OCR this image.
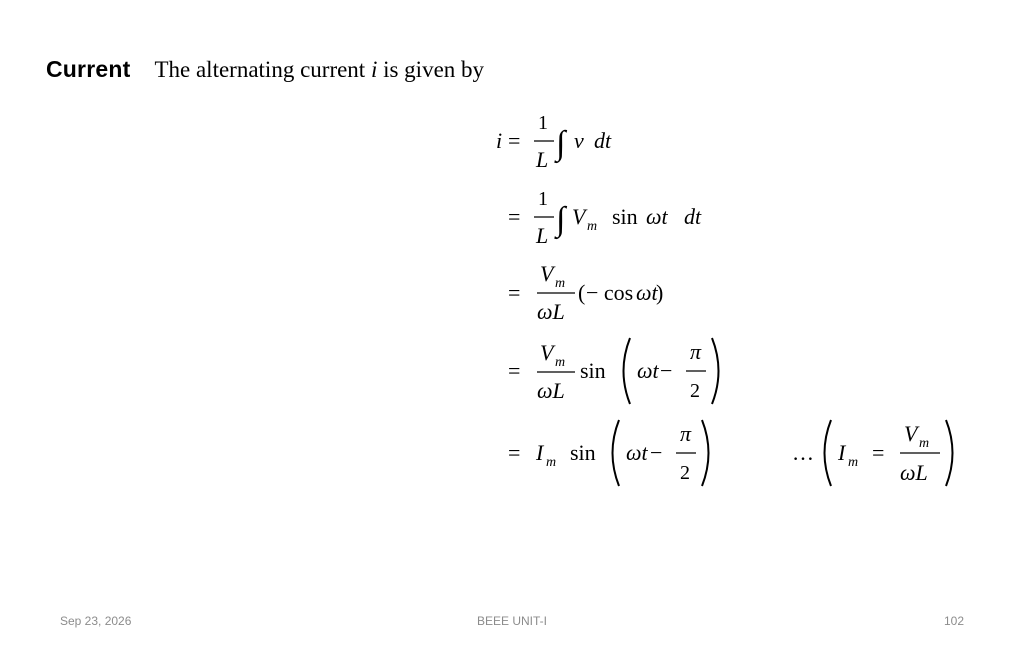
Current The alternating current i is given by
i =
1
L ∫ v dt
=
1
L ∫ V m sin ωt dt
=
V m
ωL
( − cos ωt
)
=
V m
ωL
sin ωt −
π
2
= I m sin ωt −
π
2
… I m =
V m
ωL
Sep 23, 2026	BEEE UNIT-I	102
